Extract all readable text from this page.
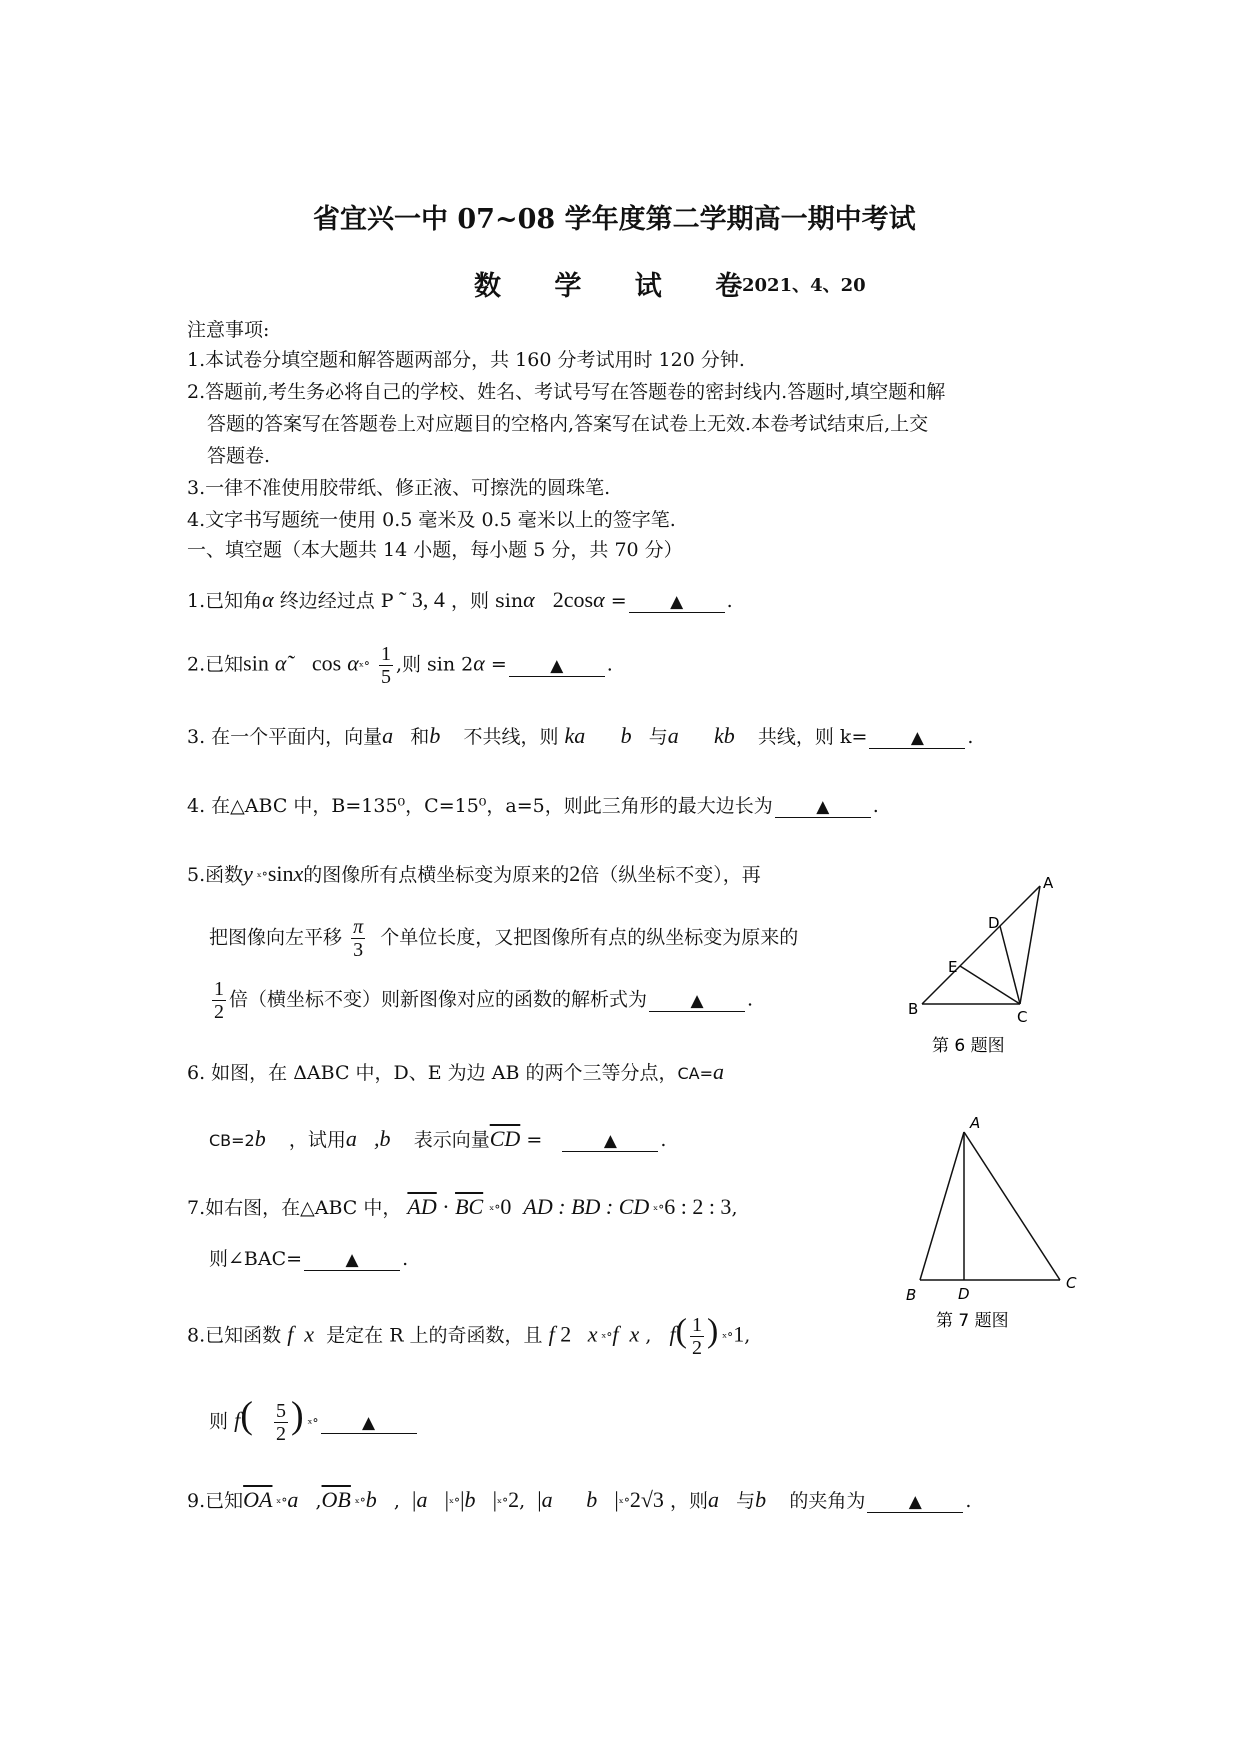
省宜兴一中 07~08 学年度第二学期高一期中考试
数 学 试 卷
2021、4、20
注意事项:
1.本试卷分填空题和解答题两部分，共 160 分考试用时 120 分钟.
2.答题前,考生务必将自己的学校、姓名、考试号写在答题卷的密封线内.答题时,填空题和解
答题的答案写在答题卷上对应题目的空格内,答案写在试卷上无效.本卷考试结束后,上交
答题卷.
3.一律不准使用胶带纸、修正液、可擦洗的圆珠笔.
4.文字书写题统一使用 0.5 毫米及 0.5 毫米以上的签字笔.
一、填空题（本大题共 14 小题，每小题 5 分，共 70 分）
1.已知角α 终边经过点 P ˜ 3, 4 ，则 sinα 2cosα =	▲ .
2.已知sin α˜ cos αˣ° $\frac{1}{5}$ ,则 sin 2α =	▲ .
3. 在一个平面内，向量a⃗和b⃗ 不共线，则 ka⃗ b⃗与a⃗ kb⃗ 共线，则 k=	▲ .
4. 在△ABC 中，B=135⁰，C=15⁰，a=5，则此三角形的最大边长为	▲ .
5.函数y ˣ°sinx的图像所有点横坐标变为原来的2倍（纵坐标不变），再
把图像向左平移 $\frac{\pi}{3}$ 个单位长度，又把图像所有点的纵坐标变为原来的
$\frac{1}{2}$ 倍（横坐标不变）则新图像对应的函数的解析式为	▲ .
6. 如图，在 ΔABC 中，D、E 为边 AB 的两个三等分点，CA=a⃗
CB=2b⃗ ，试用a⃗,b⃗ 表示向量$\overline{CD}$ =	▲ .
7.如右图，在△ABC 中， $\overline{AD} \cdot \overline{BC}$ ˣ°0 AD : BD : CD ˣ°6 : 2 : 3,
则∠BAC=	▲ .
8.已知函数 f  x 是定在 R 上的奇函数，且 f 2   x ˣ°f  x ,   $f( \frac{1}{2}$ ) ˣ°1,
则 $f( \frac{5}{2}$ ) ˣ°	▲
9.已知$\overline{OA}$ $ˣ^\circ a⃗,\overline{OB}$ ˣ°b⃗,  |a⃗|ˣ°|b⃗|ˣ°2,  |a⃗   b⃗|ˣ°2√3 ，则a⃗与b⃗ 的夹角为	▲ .
A
B	C
D
E
第 6 题图
A
B
C
D
第 7 题图
